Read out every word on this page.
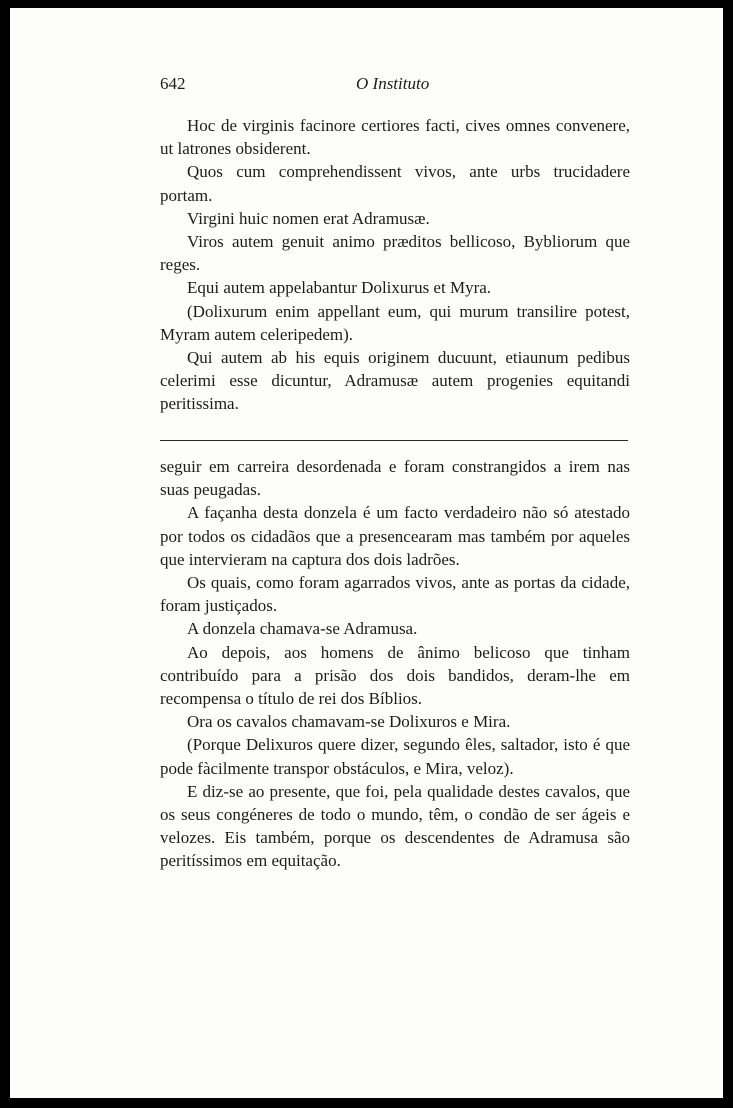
642	O Instituto

Hoc de virginis facinore certiores facti, cives omnes convenere, ut latrones obsiderent.

Quos cum comprehendissent vivos, ante urbs trucidadere portam.

Virgini huic nomen erat Adramusæ.

Viros autem genuit animo præditos bellicoso, Bybliorum que reges.

Equi autem appelabantur Dolixurus et Myra.

(Dolixurum enim appellant eum, qui murum transilire potest, Myram autem celeripedem).

Qui autem ab his equis originem ducuunt, etiaunum pedibus celerimi esse dicuntur, Adramusæ autem progenies equitandi peritissima.

seguir em carreira desordenada e foram constrangidos a irem nas suas peugadas.

A façanha desta donzela é um facto verdadeiro não só atestado por todos os cidadãos que a presencearam mas também por aqueles que intervieram na captura dos dois ladrões.

Os quais, como foram agarrados vivos, ante as portas da cidade, foram justiçados.

A donzela chamava-se Adramusa.

Ao depois, aos homens de ânimo belicoso que tinham contribuído para a prisão dos dois bandidos, deram-lhe em recompensa o título de rei dos Bíblios.

Ora os cavalos chamavam-se Dolixuros e Mira.

(Porque Delixuros quere dizer, segundo êles, saltador, isto é que pode fàcilmente transpor obstáculos, e Mira, veloz).

E diz-se ao presente, que foi, pela qualidade destes cavalos, que os seus congéneres de todo o mundo, têm, o condão de ser ágeis e velozes. Eis também, porque os descendentes de Adramusa são peritíssimos em equitação.
